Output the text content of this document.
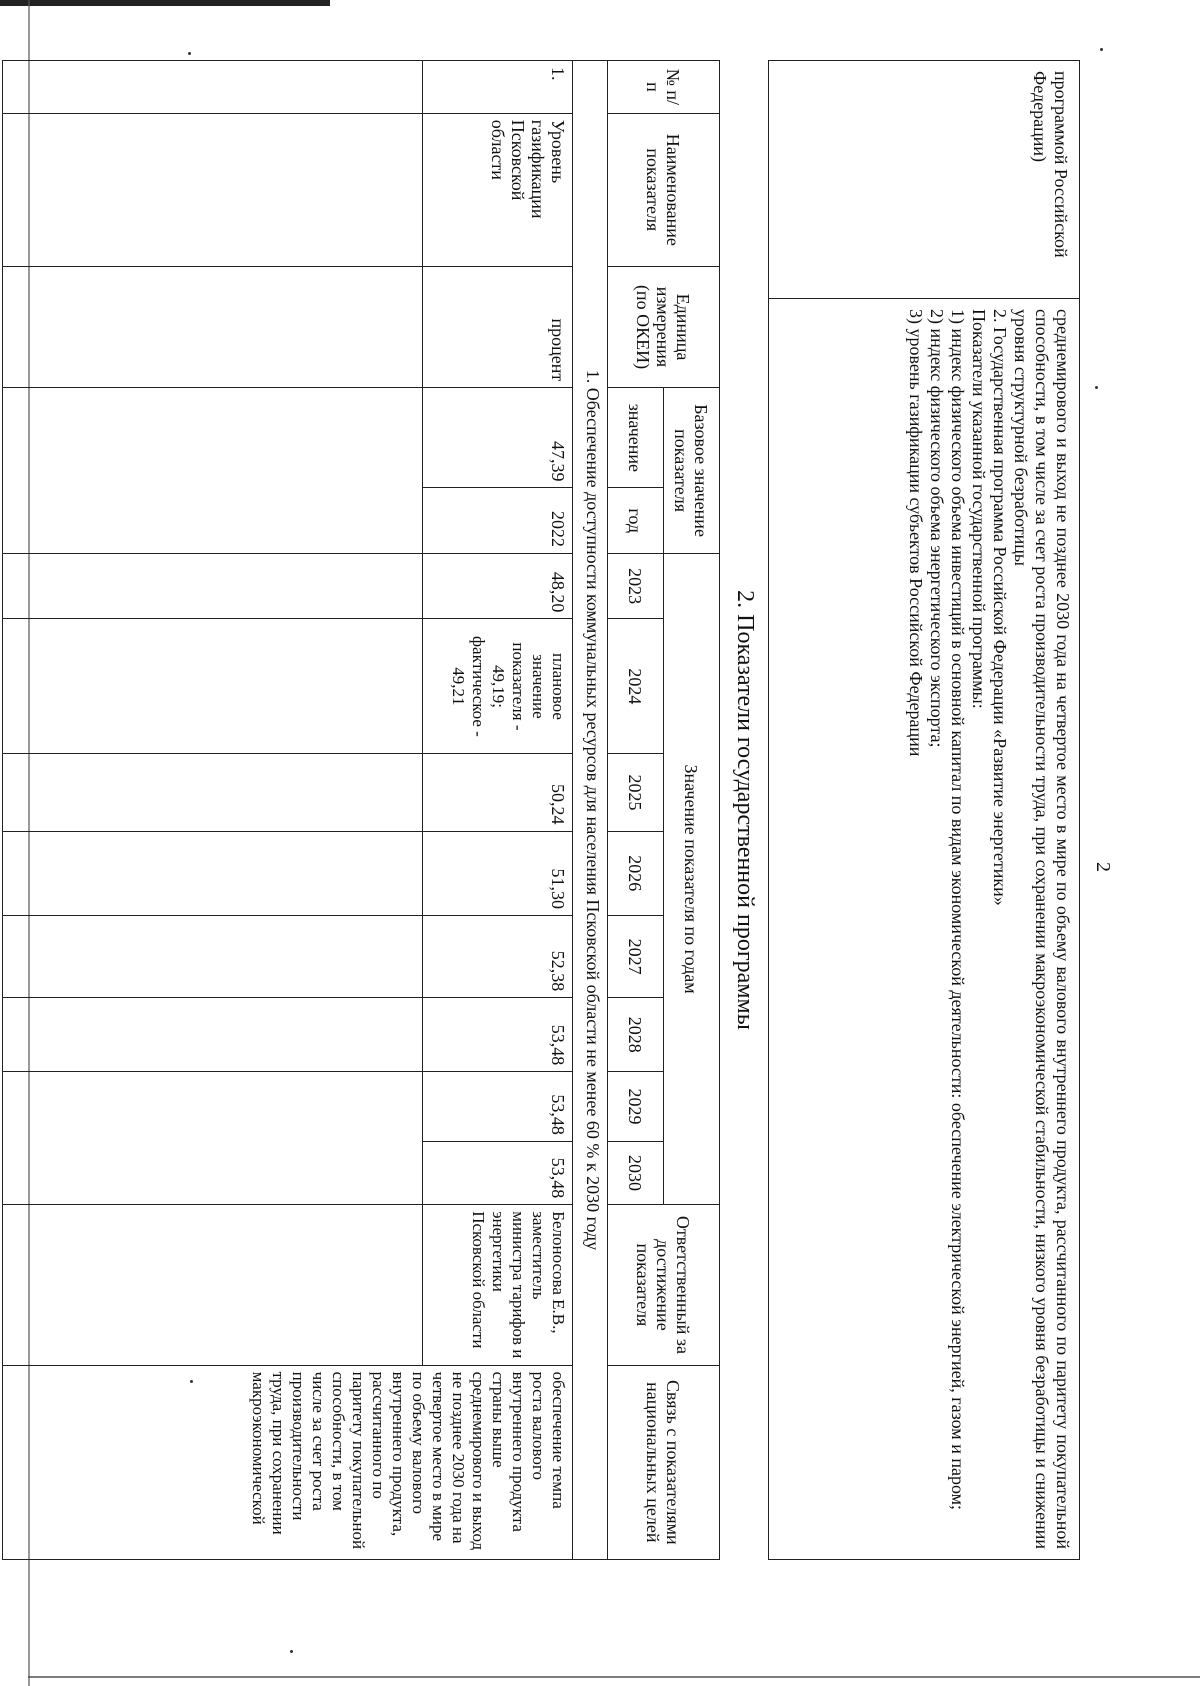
2
программой Российской Федерации)

среднемирового и выход не позднее 2030 года на четвертое место в мире по объему валового внутреннего продукта, рассчитанного по паритету покупательной способности, в том числе за счет роста производительности труда, при сохранении макроэкономической стабильности, низкого уровня безработицы и снижении уровня структурной безработицы

2. Государственная программа Российской Федерации «Развитие энергетики»

Показатели указанной государственной программы:

1) индекс физического объема инвестиций в основной капитал по видам экономической деятельности: обеспечение электрической энергией, газом и паром;

2) индекс физического объема энергетического экспорта;

3) уровень газификации субъектов Российской Федерации

2. Показатели государственной программы
№ п/п	Наименование показателя	Единица измерения (по ОКЕИ)	Базовое значение показателя		Значение показателя по годам								Ответственный за достижение показателя	Связь с показателями национальных целей
			значение	год	2023	2024	2025	2026	2027	2028	2029	2030		
1. Обеспечение доступности коммунальных ресурсов для населения Псковской области не менее 60 % к 2030 году														
1.	Уровень газификации Псковской области	процент	47,39	2022	48,20	плановое значение показателя - 49,19; фактическое - 49,21	50,24	51,30	52,38	53,48	53,48	53,48	Белоносова Е.В., заместитель министра тарифов и энергетики Псковской области	обеспечение темпа роста валового внутреннего продукта страны выше среднемирового и выход не позднее 2030 года на четвертое место в мире по объему валового внутреннего продукта, рассчитанного по паритету покупательной способности, в том числе за счет роста производительности труда, при сохранении макроэкономической
